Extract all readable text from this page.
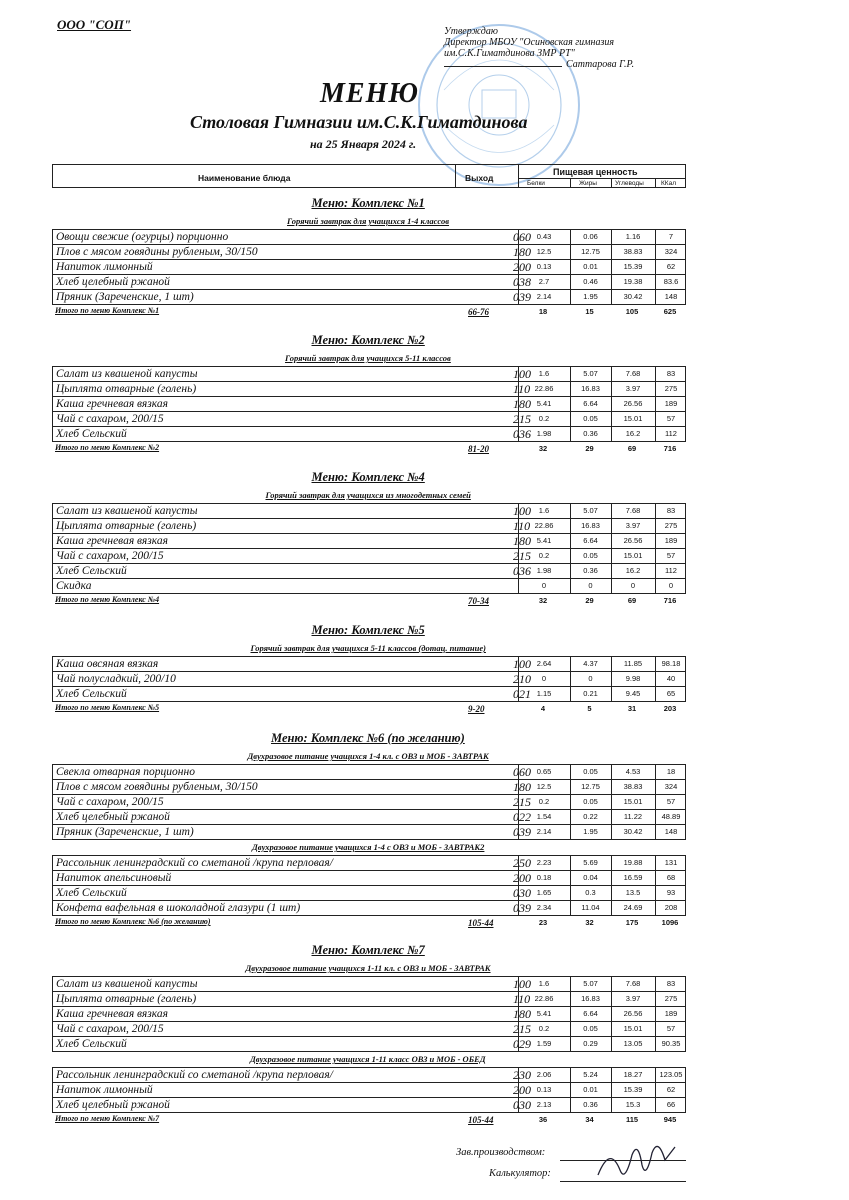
ООО "СОП"	Утверждаю
Директор МБОУ "Осиновская гимназия
им.С.К.Гиматдинова ЗМР РТ"
Саттарова Г.Р.
МЕНЮ
Столовая Гимназии им.С.К.Гиматдинова
на 25 Января 2024 г.
Наименование блюда	Выход
Пищевая ценность
Белки	Жиры	Углеводы	ККал
Меню: Комплекс №1
Горячий завтрак для учащихся 1-4 классов
Овощи свежие (огурцы) порционно	060 0.43	0.06	1.16	7
Плов с мясом говядины рубленым, 30/150	180 12.5	12.75	38.83	324
Напиток лимонный	200 0.13	0.01	15.39	62
Хлеб целебный ржаной	038	2.7	0.46	19.38	83.6
Пряник (Зареченские, 1 шт)	039 2.14	1.95	30.42	148
Итого по меню Комплекс №1	66-76	18	15	105	625
Меню: Комплекс №2
Горячий завтрак для учащихся 5-11 классов
Салат из квашеной капусты	100	1.6	5.07	7.68	83
Цыплята отварные (голень)	110 22.86	16.83	3.97	275
Каша гречневая вязкая	180 5.41	6.64	26.56	189
Чай с сахаром, 200/15	215	0.2	0.05	15.01	57
Хлеб Сельский	036 1.98	0.36	16.2	112
Итого по меню Комплекс №2	81-20	32	29	69	716
Меню: Комплекс №4
Горячий завтрак для учащихся из многодетных семей
Салат из квашеной капусты	100	1.6	5.07	7.68	83
Цыплята отварные (голень)	110 22.86	16.83	3.97	275
Каша гречневая вязкая	180 5.41	6.64	26.56	189
Чай с сахаром, 200/15	215	0.2	0.05	15.01	57
Хлеб Сельский	036 1.98	0.36	16.2	112
Скидка	0	0	0	0
Итого по меню Комплекс №4	70-34	32	29	69	716
Меню: Комплекс №5
Горячий завтрак для учащихся 5-11 классов (дотац. питание)
Каша овсяная вязкая	100 2.64	4.37	11.85	98.18
Чай полусладкий, 200/10	210	0	0	9.98	40
Хлеб Сельский	021 1.15	0.21	9.45	65
Итого по меню Комплекс №5	9-20	4	5	31	203
Меню: Комплекс №6 (по желанию)
Двухразовое питание учащихся 1-4 кл. с ОВЗ и МОБ - ЗАВТРАК
Свекла отварная порционно	060 0.65	0.05	4.53	18
Плов с мясом говядины рубленым, 30/150	180 12.5	12.75	38.83	324
Чай с сахаром, 200/15	215	0.2	0.05	15.01	57
Хлеб целебный ржаной	022 1.54	0.22	11.22	48.89
Пряник (Зареченские, 1 шт)	039 2.14	1.95	30.42	148
Двухразовое питание учащихся 1-4 с ОВЗ и МОБ - ЗАВТРАК2
Рассольник ленинградский со сметаной /крупа перловая/	250 2.23	5.69	19.88	131
Напиток апельсиновый	200 0.18	0.04	16.59	68
Хлеб Сельский	030 1.65	0.3	13.5	93
Конфета вафельная в шоколадной глазури (1 шт)	039 2.34	11.04	24.69	208
Итого по меню Комплекс №6 (по желанию)	105-44	23	32	175	1096
Меню: Комплекс №7
Двухразовое питание учащихся 1-11 кл. с ОВЗ и МОБ - ЗАВТРАК
Салат из квашеной капусты	100	1.6	5.07	7.68	83
Цыплята отварные (голень)	110 22.86	16.83	3.97	275
Каша гречневая вязкая	180 5.41	6.64	26.56	189
Чай с сахаром, 200/15	215	0.2	0.05	15.01	57
Хлеб Сельский	029 1.59	0.29	13.05	90.35
Двухразовое питание учащихся 1-11 класс ОВЗ и МОБ - ОБЕД
Рассольник ленинградский со сметаной /крупа перловая/	230 2.06	5.24	18.27	123.05
Напиток лимонный	200 0.13	0.01	15.39	62
Хлеб целебный ржаной	030 2.13	0.36	15.3	66
Итого по меню Комплекс №7	105-44	36	34	115	945
Зав.производством:
Калькулятор:
